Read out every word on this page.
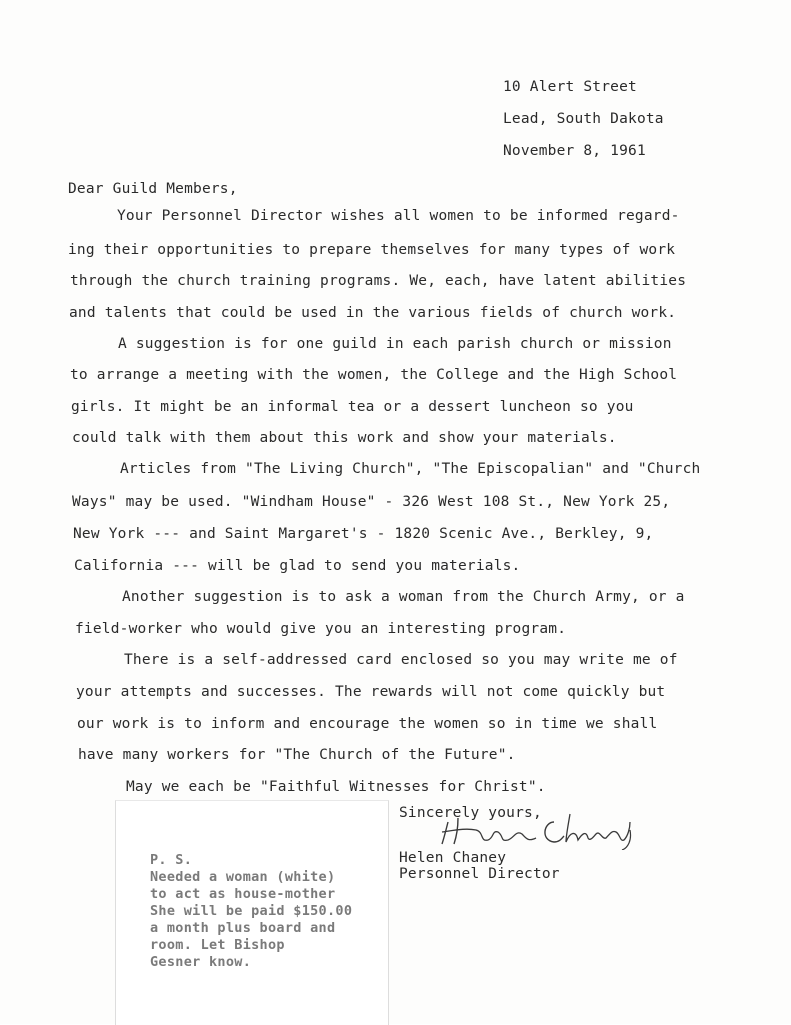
10 Alert Street
Lead, South Dakota
November 8, 1961
Dear Guild Members,
Your Personnel Director wishes all women to be informed regard-
ing their opportunities to prepare themselves for many types of work
through the church training programs. We, each, have latent abilities
and talents that could be used in the various fields of church work.
A suggestion is for one guild in each parish church or mission
to arrange a meeting with the women, the College and the High School
girls. It might be an informal tea or a dessert luncheon so you
could talk with them about this work and show your materials.
Articles from "The Living Church", "The Episcopalian" and "Church
Ways" may be used. "Windham House" - 326 West 108 St., New York 25,
New York --- and Saint Margaret's - 1820 Scenic Ave., Berkley, 9,
California --- will be glad to send you materials.
Another suggestion is to ask a woman from the Church Army, or a
field-worker who would give you an interesting program.
There is a self-addressed card enclosed so you may write me of
your attempts and successes. The rewards will not come quickly but
our work is to inform and encourage the women so in time we shall
have many workers for "The Church of the Future".
May we each be "Faithful Witnesses for Christ".
Sincerely yours,
Helen Chaney
Personnel Director
P. S.
Needed a woman (white)
to act as house-mother
She will be paid $150.00
a month plus board and
room. Let Bishop
Gesner know.
